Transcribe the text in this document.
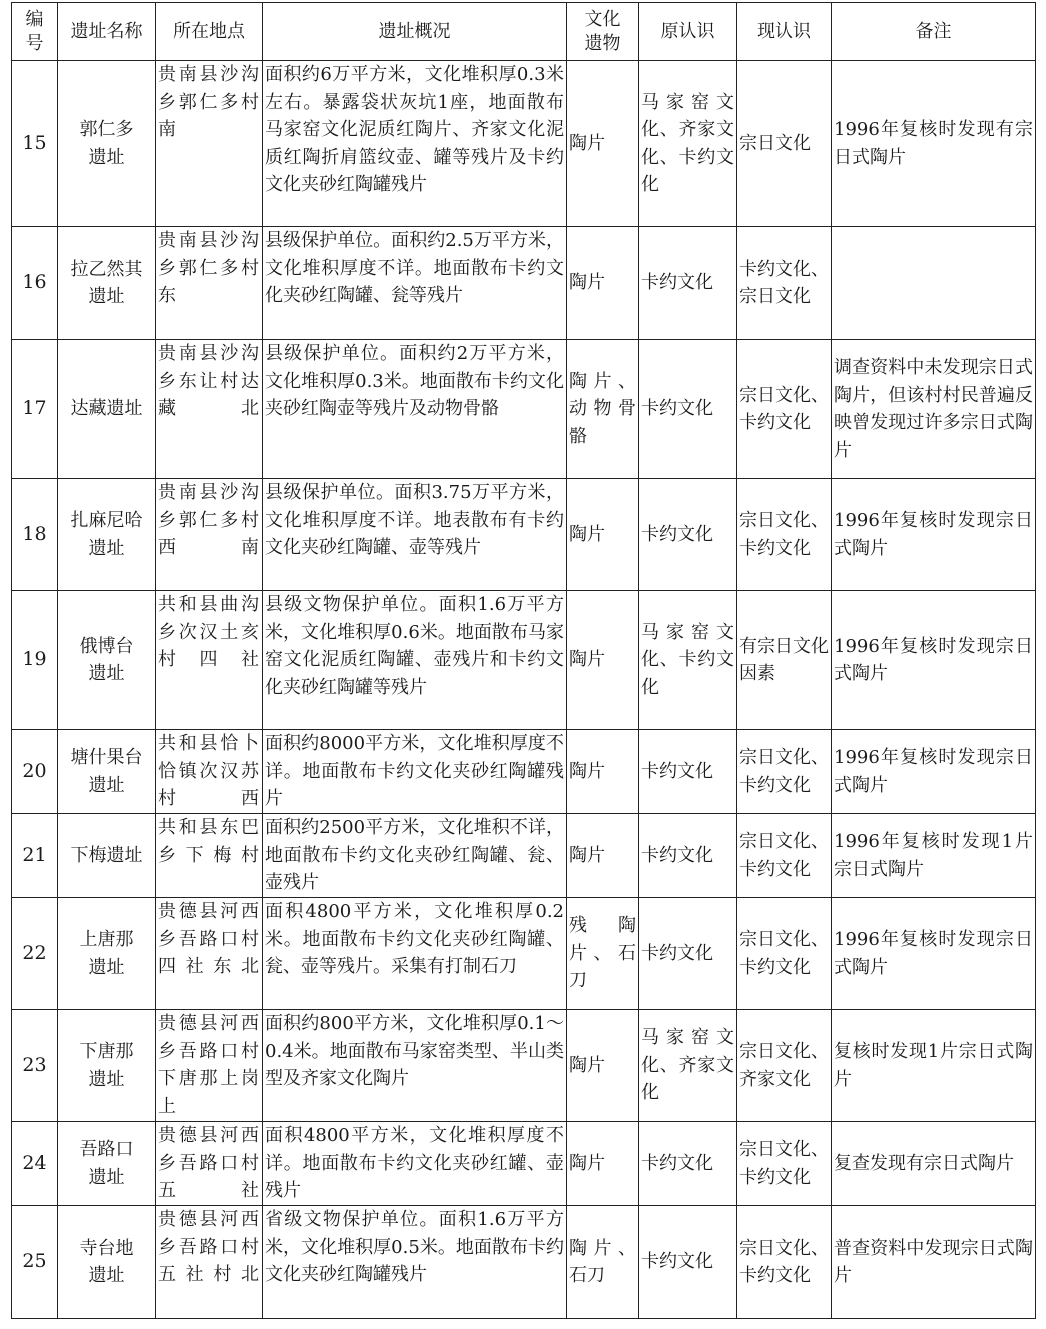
编号	遗址名称	所在地点	遗址概况	文化遗物	原认识	现认识	备注

15	郭仁多遗址	贵南县沙沟乡郭仁多村南	面积约6万平方米，文化堆积厚0.3米左右。暴露袋状灰坑1座，地面散布马家窑文化泥质红陶片、齐家文化泥质红陶折肩篮纹壶、罐等残片及卡约文化夹砂红陶罐残片	陶片	马家窑文化、齐家文化、卡约文化	宗日文化	1996年复核时发现有宗日式陶片

16	拉乙然其遗址	贵南县沙沟乡郭仁多村东	县级保护单位。面积约2.5万平方米，文化堆积厚度不详。地面散布卡约文化夹砂红陶罐、瓮等残片	陶片	卡约文化	卡约文化、宗日文化	

17	达藏遗址	贵南县沙沟乡东让村达藏北	县级保护单位。面积约2万平方米，文化堆积厚0.3米。地面散布卡约文化夹砂红陶壶等残片及动物骨骼	陶片、动物骨骼	卡约文化	宗日文化、卡约文化	调查资料中未发现宗日式陶片，但该村村民普遍反映曾发现过许多宗日式陶片

18	扎麻尼哈遗址	贵南县沙沟乡郭仁多村西南	县级保护单位。面积3.75万平方米，文化堆积厚度不详。地表散布有卡约文化夹砂红陶罐、壶等残片	陶片	卡约文化	宗日文化、卡约文化	1996年复核时发现宗日式陶片

19	俄博台遗址	共和县曲沟乡次汉土亥村四社	县级文物保护单位。面积1.6万平方米，文化堆积厚0.6米。地面散布马家窑文化泥质红陶罐、壶残片和卡约文化夹砂红陶罐等残片	陶片	马家窑文化、卡约文化	有宗日文化因素	1996年复核时发现宗日式陶片

20	塘什果台遗址	共和县恰卜恰镇次汉苏村西	面积约8000平方米，文化堆积厚度不详。地面散布卡约文化夹砂红陶罐残片	陶片	卡约文化	宗日文化、卡约文化	1996年复核时发现宗日式陶片

21	下梅遗址	共和县东巴乡下梅村	面积约2500平方米，文化堆积不详，地面散布卡约文化夹砂红陶罐、瓮、壶残片	陶片	卡约文化	宗日文化、卡约文化	1996年复核时发现1片宗日式陶片

22	上唐那遗址	贵德县河西乡吾路口村四社东北	面积4800平方米，文化堆积厚0.2米。地面散布卡约文化夹砂红陶罐、瓮、壶等残片。采集有打制石刀	残陶片、石刀	卡约文化	宗日文化、卡约文化	1996年复核时发现宗日式陶片

23	下唐那遗址	贵德县河西乡吾路口村下唐那上岗上	面积约800平方米，文化堆积厚0.1～0.4米。地面散布马家窑类型、半山类型及齐家文化陶片	陶片	马家窑文化、齐家文化	宗日文化、齐家文化	复核时发现1片宗日式陶片

24	吾路口遗址	贵德县河西乡吾路口村五社	面积4800平方米，文化堆积厚度不详。地面散布卡约文化夹砂红罐、壶残片	陶片	卡约文化	宗日文化、卡约文化	复查发现有宗日式陶片

25	寺台地遗址	贵德县河西乡吾路口村五社村北	省级文物保护单位。面积1.6万平方米，文化堆积厚0.5米。地面散布卡约文化夹砂红陶罐残片	陶片、石刀	卡约文化	宗日文化、卡约文化	普查资料中发现宗日式陶片
